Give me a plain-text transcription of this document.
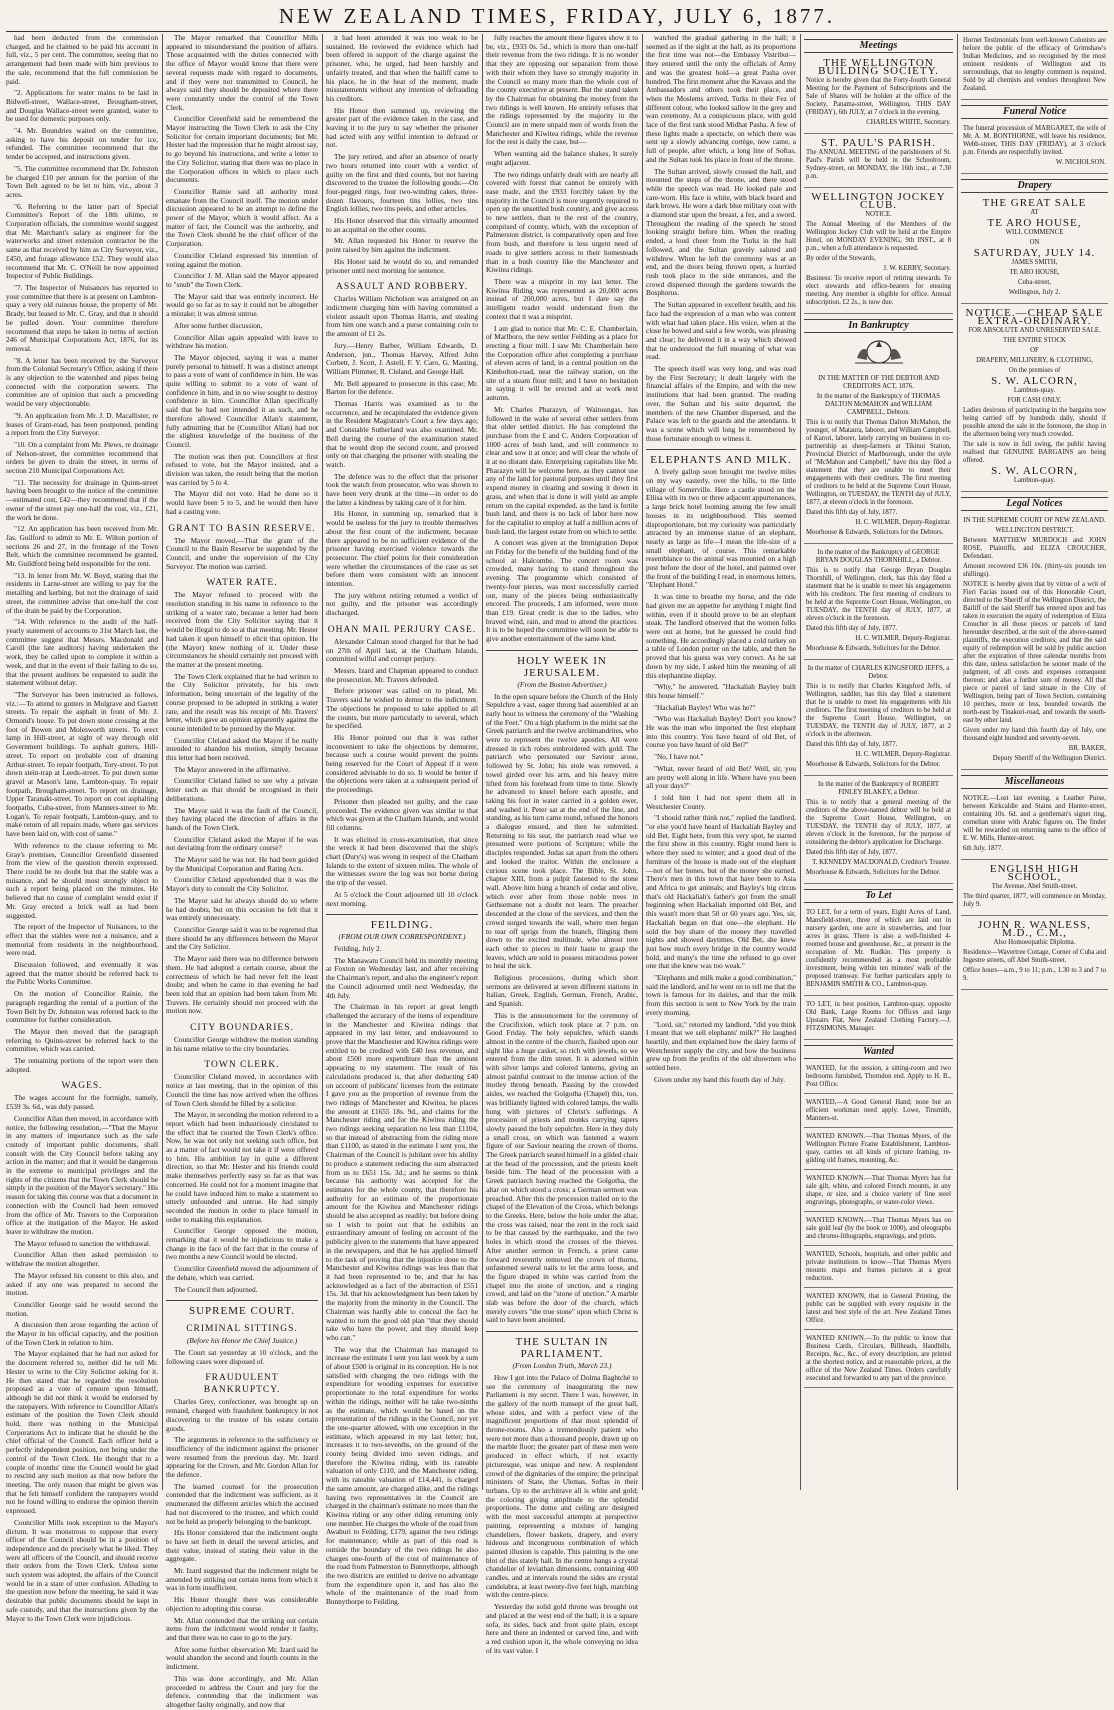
NEW ZEALAND TIMES, FRIDAY, JULY 6, 1877.

had been deducted from the commission charged, and he claimed to be paid his account in full, viz., 5 per cent. The committee, seeing that no arrangement had been made with him previous to the sale, recommend that the full commission be paid.

"2. Applications for water mains to be laid in Bidwell-street, Wallace-street, Brougham-street, and Douglas Wallace-street were granted, water to be used for domestic purposes only.

"4. Mr. Boundries waited on the committee, asking to have his deposit on tender for ice, refunded. The committee recommend that the tender be accepted, and instructions given.

"5. The committee recommend that Dr. Johnston be charged £10 per annum for the portion of the Town Belt agreed to be let to him, viz., about 3 acres.

"6. Referring to the latter part of Special Committee's Report of the 18th ultimo, re Corporation officials, the committee would suggest that Mr. Marchant's salary as engineer for the waterworks and street extension contractor be the same as that received by him as City Surveyor, viz., £450, and forage allowance £52. They would also recommend that Mr. C. O'Neill be now appointed Inspector of Public Buildings.

"7. The Inspector of Nuisances has reported to your committee that there is at present on Lambton-quay a very old ruinous house, the property of Mr. Brady, but leased to Mr. C. Gray, and that it should be pulled down. Your committee therefore recommend that steps be taken in terms of section 246 of Municipal Corporations Act, 1876, for its removal.

"8. A letter has been received by the Surveyor from the Colonial Secretary's Office, asking if there is any objection to the watershed and pipes being connected with the corporation sewers. The committee are of opinion that such a proceeding would be very objectionable.

"9. An application from Mr. J. D. Macallister, re leases of Grant-road, has been postponed, pending a report from the City Surveyor.

"10. On a complaint from Mr. Plews, re drainage of Nelson-street, the committee recommend that orders be given to drain the street, in terms of section 210 Municipal Corporations Act.

"11. The necessity for drainage in Quinn-street having been brought to the notice of the committee—estimated cost, £42—they recommend that if the owner of the street pay one-half the cost, viz., £21, the work be done.

"12. An application has been received from Mr. Jas. Guilford to admit to Mr. E. Wilton portion of sections 26 and 27, in the frontage of the Town Belt, which the committee recommend be granted, Mr. Guildford being held responsible for the rent.

"13. In letter from Mr. W. Boyd, stating that the residents in Larne-street are willing to pay for the metalling and kerbing, but not the drainage of said street, the committee advise that one-half the cost of the drain be paid by the Corporation.

"14. With reference to the audit of the half-yearly statement of accounts to 31st March last, the committee suggest that Messrs. Macdonald and Caroll (the late auditors) having undertaken the work, they be called upon to complete it within a week, and that in the event of their failing to do so, that the present auditors be requested to audit the statement without delay.

"The Surveyor has been instructed as follows, viz.:—To attend to gutters in Mulgrave and Garrett streets. To repair the asphalt in front of Mr. J. Ormond's house. To put down stone crossing at the foot of Bowen and Molesworth streets. To erect lamp in Hill-street, at sight of way through old Government buildings. To asphalt gutters, Hill-street. To report on probable cost of draining Arthur-street. To repair footpath, Tory-street. To put down stein-trap at Leeds-street. To put down some gravel at Mason's lane, Lambton-quay. To repair footpath, Brougham-street. To report on drainage, Upper Taranaki-street. To report on cost asphalting footpaths, Cuba-street, from Manners-street to Mr. Logan's. To repair footpath, Lambton-quay, and to make return of all repairs made, where gas services have been laid on, with cost of same."

With reference to the clause referring to Mr. Gray's premises, Councillor Greenfield dissented from the view of the question therein expressed. There could be no doubt but that the stable was a nuisance, and he should most strongly object to such a report being placed on the minutes. He believed that no cause of complaint would exist if Mr. Gray erected a brick wall as had been suggested.

The report of the Inspector of Nuisances, to the effect that the stables were not a nuisance, and a memorial from residents in the neighbourhood, were read.

Discussion followed, and eventually it was agreed that the matter should be referred back to the Public Works Committee.

On the motion of Councillor Rainie, the paragraph regarding the rental of a portion of the Town Belt by Dr. Johnston was referred back to the committee for further consideration.

The Mayor then moved that the paragraph referring to Quinn-street be referred back to the committee, which was carried.

The remaining portions of the report were then adopted.

WAGES.

The wages account for the fortnight, namely, £539 3s. 6d., was duly passed.

Councillor Allan then moved, in accordance with notice, the following resolution,—"That the Mayor in any matters of importance such as the safe custody of important public documents, shall consult with the City Council before taking any action in the matter; and that it would be dangerous in the extreme to municipal privileges and the rights of the citizens that the Town Clerk should be simply in the position of the Mayor's secretary." His reason for taking this course was that a document in connection with the Council had been removed from the office of Mr. Travers to the Corporation office at the instigation of the Mayor. He asked leave to withdraw the motion.

The Mayor refused to sanction the withdrawal.

Councillor Allan then asked permission to withdraw the motion altogether.

The Mayor refused his consent to this also, and asked if any one was prepared to second the motion.

Councillor George said he would second the motion.

A discussion then arose regarding the action of the Mayor in his official capacity, and the position of the Town Clerk in relation to him.

The Mayor explained that he had not asked for the document referred to, neither did he tell Mr. Hester to write to the City Solicitor asking for it. He then stated that he regarded the resolution proposed as a vote of censure upon himself, although he did not think it would be endorsed by the ratepayers. With reference to Councillor Allan's estimate of the position the Town Clerk should hold, there was nothing in the Municipal Corporations Act to indicate that he should be the chief official of the Council. Each officer held a perfectly independent position, not being under the control of the Town Clerk. He thought that in a couple of months' time the Council would be glad to rescind any such motion as that now before the meeting. The only reason that might be given was that he felt himself confident the ratepayers would not be found willing to endorse the opinion therein expressed.

Councillor Mills took exception to the Mayor's dictum. It was monstrous to suppose that every officer of the Council should be in a position of independence and do precisely what he liked. They were all officers of the Council, and should receive their orders from the Town Clerk. Unless some such system was adopted, the affairs of the Council would be in a state of utter confusion. Alluding to the question now before the meeting, he said it was desirable that public documents should be kept in safe custody, and that the instructions given by the Mayor to the Town Clerk were injudicious.

The Mayor remarked that Councillor Mills appeared to misunderstand the position of affairs. Those acquainted with the duties connected with the office of Mayor would know that there were several requests made with regard to documents, and if they were not transmitted to Council, he always said they should be deposited where there were constantly under the control of the Town Clerk.

Councillor Greenfield said he remembered the Mayor instructing the Town Clerk to ask the City Solicitor for certain important documents; but Mr. Hester had the impression that he might almost say, to go beyond his instructions, and write a letter to the City Solicitor, stating that there was no place in the Corporation offices in which to place such documents.

Councillor Rainie said all authority must emanate from the Council itself. The motion under discussion appeared to be an attempt to define the power of the Mayor, which it would affect. As a matter of fact, the Council was the authority, and the Town Clerk should be the chief officer of the Corporation.

Councillor Cleland expressed his intention of voting against the motion.

Councillor J. M. Allan said the Mayor appeared to "snub" the Town Clerk.

The Mayor said that was entirely incorrect. He would go so far as to say it could not be altogether a mistake; it was almost untrue.

After some further discussion,

Councillor Allan again appealed with leave to withdraw his motion.

The Mayor objected, saying it was a matter purely personal to himself. It was a distinct attempt to pass a vote of want of confidence in him. He was quite willing to submit to a vote of want of confidence in him, and in no wise sought to destroy confidence in him. Councillor Allan specifically said that he had not intended it as such, and he therefore allowed Councillor Allan's statement, fully admitting that he (Councillor Allan) had not the slightest knowledge of the business of the Council.

The motion was then put. Councillors at first refused to vote, but the Mayor insisted, and a division was taken, the result being that the motion was carried by 5 to 4.

The Mayor did not vote. Had he done so it would have been 5 to 5, and he would then have had a casting vote.

GRANT TO BASIN RESERVE.

The Mayor moved,—That the grant of the Council to the Basin Reserve be suspended by the Council, and under the supervision of the City Surveyor. The motion was carried.

WATER RATE.

The Mayor refused to proceed with the resolution standing in his name in reference to the striking of a water rate, because a letter had been received from the City Solicitor saying that it would be illegal to do so at that meeting. Mr. Hester had taken it upon himself to elicit that opinion. He (the Mayor) knew nothing of it. Under these circumstances he should certainly not proceed with the matter at the present meeting.

The Town Clerk explained that he had written to the City Solicitor privately, for his own information, being uncertain of the legality of the course proposed to be adopted in striking a water rate, and the result was his receipt of Mr. Travers' letter, which gave an opinion apparently against the course intended to be pursued by the Mayor.

Councillor Cleland asked the Mayor if he really intended to abandon his motion, simply because this letter had been received.

The Mayor answered in the affirmative.

Councillor Cleland failed to see why a private letter such as that should be recognised in their deliberations.

The Mayor said it was the fault of the Council, they having placed the direction of affairs in the hands of the Town Clerk.

Councillor Cleland asked the Mayor if he was not deviating from the ordinary course?

The Mayor said he was not. He had been guided by the Municipal Corporation and Rating Acts.

Councillor Cleland apprehended that it was the Mayor's duty to consult the City Solicitor.

The Mayor said he always should do so where he had doubts, but on this occasion he felt that it was entirely unnecessary.

Councillor George said it was to be regretted that there should be any differences between the Mayor and the City Solicitor.

The Mayor said there was no difference between them. He had adopted a certain course, about the correctness of which he had never felt the least doubt; and when he came in that evening he had been told that an opinion had been taken from Mr. Travers. He certainly should not proceed with the motion now.

CITY BOUNDARIES.

Councillor George withdrew the motion standing in his name relative to the city boundaries.

TOWN CLERK.

Councillor Cleland moved, in accordance with notice at last meeting, that in the opinion of this Council the time has now arrived when the offices of Town Clerk should be filled by a solicitor.

The Mayor, in seconding the motion referred to a report which had been industriously circulated to the effect that he courted the Town Clerk's office. Now, he was not only not seeking such office, but as a matter of fact would not take it if were offered to him. His ambition lay in quite a different direction, so that Mr. Hester and his friends could make themselves perfectly easy so far as that was concerned. He could not for a moment imagine that he could have induced him to make a statement so utterly unfounded and untrue. He had simply seconded the motion in order to place himself in order to making this explanation.

Councillor George opposed the motion, remarking that it would be injudicious to make a change in the face of the fact that in the course of two months a new Council would be elected.

Councillor Greenfield moved the adjournment of the debate, which was carried.

The Council then adjourned.

SUPREME COURT.
CRIMINAL SITTINGS.
(Before his Honor the Chief Justice.)

The Court sat yesterday at 10 o'clock, and the following cases were disposed of.

FRAUDULENT BANKRUPTCY.

Charles Grey, confectioner, was brought up on remand, charged with fraudulent bankruptcy in not discovering to the trustee of his estate certain goods.

The arguments in reference to the sufficiency or insufficiency of the indictment against the prisoner were resumed from the previous day. Mr. Izard appearing for the Crown, and Mr. Gordon Allan for the defence.

The learned counsel for the prosecution contended that the indictment was sufficient, as it enumerated the different articles which the accused had not discovered to the trustee, and which could not be held as properly belonging to the bankrupt.

His Honor considered that the indictment ought to have set forth in detail the several articles, and their value, instead of stating their value in the aggregate.

Mr. Izard suggested that the indictment might be amended by striking out certain items from which it was in form insufficient.

His Honor thought there was considerable objection to adopting this course.

Mr. Allan contended that the striking out certain items from the indictment would render it faulty, and that there was no case to go to the jury.

After some further observation Mr. Izard said he would abandon the second and fourth counts in the indictment.

This was done accordingly, and Mr. Allan proceeded to address the Court and jury for the defence, contending that the indictment was altogether faulty originally, and now that

it had been amended it was too weak to be sustained. He reviewed the evidence which had been offered in support of the charge against the prisoner, who, he urged, had been harshly and unfairly treated, and that when the bailiff came to his place, he in the heat of the moment, made misstatements without any intention of defrauding his creditors.

His Honor then summed up, reviewing the greater part of the evidence taken in the case, and leaving it to the jury to say whether the prisoner had acted with any wilful intention to defraud or not.

The jury retired, and after an absence of nearly two hours returned into court with a verdict of guilty on the first and third counts, but not having discovered to the trustee the following goods:—On four-pegged rings, four two-winding cakes, three-dozen flavours, fourteen tins lollies, two tins English lollies, two tins peels, and other articles.

His Honor observed that this virtually amounted to an acquittal on the other counts.

Mr. Allan requested his Honor to reserve the point raised by him against the indictment.

His Honor said he would do so, and remanded prisoner until next morning for sentence.

ASSAULT AND ROBBERY.

Charles William Nicholson was arraigned on an indictment charging him with having committed a violent assault upon Thomas Harris, and stealing from him one watch and a purse containing coin to the amount of £1 2s.

Jury.—Henry Barber, William Edwards, D. Anderson, jun., Thomas Harvey, Alfred John Corbett, J. Scott, J. Astell, F. Y. Caro, G. Masting, William Plimmer, R. Cleland, and George Hall.

Mr. Bell appeared to prosecute in this case; Mr. Barton for the defence.

Thomas Harris was examined as to the occurrence, and he recapitulated the evidence given in the Resident Magistrate's Court a few days ago; and Constable Sutherland was also examined. Mr. Bell during the course of the examination stated that he would drop the second count, and proceed only on that charging the prisoner with stealing the watch.

The defence was to the effect that the prisoner took the watch from prosecutor, who was shown to have been very drunk at the time—in order to do the latter a kindness by taking care of it for him.

His Honor, in summing up, remarked that it would be useless for the jury to trouble themselves about the first count of the indictment, because there appeared to be no sufficient evidence of the prisoner having exercised violence towards the prosecutor. The chief points for their consideration were whether the circumstances of the case as set before them were consistent with an innocent intention.

The jury without retiring returned a verdict of not guilty, and the prisoner was accordingly discharged.

OHAN MAIL PERJURY CASE.

Alexander Calman stood charged for that he had on 27th of April last, at the Chatham Islands, committed wilful and corrupt perjury.

Messrs. Izard and Chapman appeared to conduct the prosecution. Mr. Travers defended.

Before prisoner was called on to plead, Mr. Travers said he wished to demur to the indictment. The objections he proposed to take applied to all the counts, but more particularly to several, which he specified.

His Honor pointed out that it was rather inconvenient to take the objections by demurrer, because such a course would prevent the points being reserved for the Court of Appeal if it were considered advisable to do so. It would be better if the objections were taken at a subsequent period of the proceedings.

Prisoner then pleaded not guilty, and the case proceeded. The evidence given was similar to that which was given at the Chatham Islands, and would fill columns.

It was elicited in cross-examination, that since the wreck it had been discovered that the ship's chart (Dury's) was wrong in respect of the Chatham Islands to the extent of sixteen miles. The whole of the witnesses swore the log was not borne during the trip of the vessel.

At 5 o'clock the Court adjourned till 10 o'clock next morning.

FEILDING.
(FROM OUR OWN CORRESPONDENT.)

Feilding, July 2.

The Manawatu Council held its monthly meeting at Foxton on Wednesday last, and after receiving the Chairman's report, and also the engineer's report the Council adjourned until next Wednesday, the 4th July.

The Chairman in his report at great length challenged the accuracy of the items of expenditure in the Manchester and Kiwitea ridings that appeared in my last letter, and endeavoured to prove that the Manchester and Kiwitea ridings were entitled to be credited with £40 less revenue, and about £500 more expenditure than the amount appearing to my statement. The result of his calculations produced is, that after deducting £40 on account of publicans' licenses from the estimate I gave you as the proportion of revenue from the two ridings of Manchester and Kiwitea, he places the amount at £1655 18s. 9d., and claims for the Manchester riding and for the Kiwitea riding the two ridings seeking separation no less than £1104, so that instead of abstracting from the riding more than £1100, as stated in the estimate I sent you, the Chairman of the Council is jubilant over his ability to produce a statement reducing the sum abstracted from us to £651 15s. 3d.; and he seems to think because his authority was accepted for the estimates for the whole county, that therefore his authority for an estimate of the proportionate amount for the Kiwitea and Manchester ridings should be also accepted as readily; but before doing so I wish to point out that he exhibits an extraordinary amount of feeling on account of the publicity given to the statements that have appeared in the newspapers, and that he has applied himself to the task of proving that the injustice done to the Manchester and Kiwitea ridings was less than that it had been represented to be, and that he has acknowledged as a fact of the abstraction of £551 15s. 3d. that his acknowledgment has been taken by the majority from the minority in the Council. The Chairman was hardly able to conceal the fact he wanted to turn the good old plan "that they should take who have the power, and they should keep who can."

The way that the Chairman has managed to increase the estimate I sent you last week by a sum of about £500 is original in its conception. He is not satisfied with charging the two ridings with the expenditure for wooding expenses for executive proportionate to the total expenditure for works within the ridings, neither will he take two-ninths as the estimate, which would be based on the representation of the ridings in the Council, nor yet the one-quarter allowed, with one exception in the estimate, which appeared in my last letter; but, increases it to two-sevenths, on the ground of the county being divided into seven ridings, and therefore the Kiwitea riding, with its rateable valuation of only £110, and the Manchester riding, with its rateable valuation of £14,441, is charged the same amount, are charged alike, and the ridings having two representatives in the Council are charged in the chairman's estimate no more than the Kiwitea riding or any other riding returning only one member. He charges the whole of the road from Awahuri to Feilding, £179, against the two ridings for maintenance; while as part of this road is outside the boundary of the two ridings he also charges one-fourth of the cost of maintenance of the road from Palmerston to Bunnythorpe, although the two districts are entitled to derive no advantage from the expenditure upon it, and has also the whole of the maintenance of the road from Bunnythorpe to Feilding.

fully reaches the amount these figures show it to be, viz., £933 0s. 5d., which is more than one-half their revenue from the two ridings. It is no wonder that they are opposing our separation from those with their whom they have so strongly majority in the Council so many more than the whole cost of the county executive at present. But the stand taken by the Chairman for obtaining the money from the two ridings is well known. He entirely refuses that the ridings represented by the majority in the Council are in mere unpaid men of words from the Manchester and Kiwitea ridings, while the revenue for the rest is daily the case, but—

When wanting aid the balance shakes, It surely ought adjacent.

The two ridings unfairly dealt with are nearly all covered with forest that cannot be entirely with ease made, and the £933 forcibly taken by the majority in the Council is more urgently required to open up the unsettled bush country, and give access to new settlers, than to the rest of the country, comprised of county, which, with the exception of Palmerston district, is comparatively open and free from bush, and therefore is less urgent need of roads to give settlers access to their homesteads than in a bush country like the Manchester and Kiwitea ridings.

There was a misprint in my last letter. The Kiwitea Riding was represented as 20,000 acres instead of 200,000 acres, but I dare say the intelligent reader would understand from the context that it was a misprint.

I am glad to notice that Mr. C. E. Chamberlain, of Marlboro, the new settler Feilding as a place for erecting a flour mill. I saw Mr. Chamberlain here the Corporation office after completing a purchase of eleven acres of land, in a central position on the Kimbolton-road, near the railway station, on the site of a steam flour mill; and I have no hesitation in saying it will be erected and at work next autumn.

Mr. Charles Pharazyn, of Waitoungas, has followed in the wake of several other settlers from that older settled district. He has completed the purchase from the £ and C. Anders Corporation of 1000 acres of bush land, and will commence to clear and sow it at once; and will clear the whole of it at no distant date. Enterprising capitalists like Mr. Pharazyn will be welcome here, as they cannot use any of the land for pastoral purposes until they first expend money in clearing and sowing it down in grass, and when that is done it will yield an ample return on the capital expended, as the land is fertile bush land, and there is no lack of labor here now for the capitalist to employ at half a million acres of bush land, the largest estate from on which to settle.

A concert was given at the Immigration Depot on Friday for the benefit of the building fund of the school at Halcombe. The concert room was crowded, many having to stand throughout the evening. The programme which consisted of twenty-four pieces, was most successfully carried out, many of the pieces being enthusiastically encored. The proceeds, I am informed, were more than £19. Great credit is due to the ladies, who braved wind, rain, and mud to attend the practices. It is to be hoped the committee will soon be able to give another entertainment of the same kind.

HOLY WEEK IN JERUSALEM.
(From the Boston Advertiser.)

In the open square before the Church of the Holy Sepulchre a vast, eager throng had assembled at an early hour to witness the ceremony of the "Washing of the Feet." On a high platform in the midst sat the Greek patriarch and the twelve archimandrites, who were to represent the twelve apostles. All were dressed in rich robes embroidered with gold. The patriarch who personated our Saviour arose, followed by St. John; his stole was removed, a towel girded over his arm, and his heavy mitre lifted from his forehead from time to time. Slowly he advanced to kneel before each apostle, and taking his foot in water carried in a golden ewer, and washed it. Peter sat at the end of the line, and standing, as his turn came round, refused the honors a dialogue ensued, and then he submitted. Returning to his seat, the patriarch read what we presumed were portions of Scripture; while the disciples responded. Judas sat apart from the others and looked the traitor. Within the enclosure a curious scene took place. The Bible, St. John, chapter XIII, from a pulpit fastened to the stone wall. Above him hung a branch of cedar and olive, which ever after from those noble trees in Gethsemane not a doubt not learn. The preacher descended at the close of the services, and then the crowd surged towards the wall, where men began to tear off sprigs from the branch, flinging them down to the excited multitude, who almost tore each other to pieces in their haste to grasp the leaves, which are sold to possess miraculous power to heal the sick.

Religious processions, during which short sermons are delivered at seven different stations in Italian, Greek, English, German, French, Arabic, and Spanish.

This is the announcement for the ceremony of the Crucifixion, which took place at 7 p.m. on Good Friday. The holy sepulchre, which stands almost in the centre of the church, flashed upon our sight like a huge casket, so rich with jewels, so we entered from the dim street. It is adorned within with silver lamps and colored lanterns, giving an almost painful contrast to the intense action of the motley throng beneath. Passing by the crowded aisles, we reached the Golgotha (Chapel) this, too, was brilliantly lighted with colored lamps, the walls hung with pictures of Christ's sufferings. A procession of priests and monks carrying tapers slowly passed the holy sepulchre. Here in they duly a small cross, on which was fastened a waxen figure of our Saviour nearing the crown of thorns. The Greek patriarch seated himself in a gilded chair at the head of the procession, and the priests knelt beside him. The head of the procession with a Greek patriarch having reached the Golgotha, the altar on which stood a cross; a German sermon was preached. After this the procession trailed on to the chapel of the Elevation of the Cross, which belongs to the Greeks. Here, below the hole under the altar, the cross was raised, near the rent in the rock said to be that caused by the earthquake, and the two holes in which stood the crosses of the thieves. After another sermon in French, a priest came forward reverently removed the crown of thorns, unfastened several nails to let the arms loose, and the figure draped in white was carried from the chapel into the stone of unction, and a ringing crowd, and laid on the "stone of unction." A marble slab was before the door of the church, which merely covers "the true stone" upon which Christ is said to have been anointed.

THE SULTAN IN PARLIAMENT.
(From London Truth, March 23.)

How I got into the Palace of Dolma Baghtché to see the ceremony of inaugurating the new Parliament is my secret. There I was, however, in the gallery of the north transept of the great hall, whose sides, and with a perfect view of the magnificent proportions of that most splendid of throne-rooms. Also a tremendously patient who were not more than a thousand people, drawn up on the marble floor; the greater part of these men were produced in effect which, if not exactly picturesque, was unique and new. A resplendent crowd of the dignitaries of the empire; the principal ministers of State, the Ulemas, Softas in their turbans. Up to the architrave all is white and gold; the coloring giving amplitude to the splendid proportions. The dome and ceiling are designed with the most successful attempts at perspective painting, representing a mixture of hanging chandeliers, flower baskets, drapery, and every hideous and incongruous combination of which painted illusion is capable. This painting is the one blot of this stately hall. In the centre hangs a crystal chandelier of leviathan dimensions, containing 400 candles, and at intervals round the sides are crystal candelabra, at least twenty-five feet high, matching with the centre-piece.

Yesterday the solid gold throne was brought out and placed at the west end of the hall; it is a square sofa, its sides, back and front quite plain, except here and there an indented or carved line, and with a red cushion upon it, the whole conveying no idea of its vast value. I

watched the gradual gathering in the hall; it seemed as if the sight at the hall, as its proportions the first time was not—the Embassy Vistribut—they entered until the only the officials of Army and was the greatest hold—a great Pasha over hundred. The first moment after the Kavass and the Ambassadors and others took their place, and when the Moslems arrived, Turks in their Fez of different colour, who looked sallow in the grey and wan ceremony. At a conspicuous place, with gold lace of the first rank stood Midhat Pasha. A few of these lights made a spectacle, on which there was sent up a slowly advancing cortège, now came, a full of people, after which, a long line of Softas, and the Sultan took his place in front of the throne.

The Sultan arrived, slowly crossed the hall, and mounted the steps of the throne, and there stood while the speech was read. He looked pale and care-worn. His face is white, with black beard and dark brows. He wore a dark blue military coat with a diamond star upon the breast, a fez, and a sword. Throughout the reading of the speech he stood looking straight before him. When the reading ended, a loud cheer from the Turks in the hall followed, and the Sultan gravely saluted and withdrew. When he left the ceremony was at an end, and the doors being thrown open, a hurried rush took place to the side entrances, and the crowd dispersed through the gardens towards the Bosphorus.

The Sultan appeared in excellent health, and his face had the expression of a man who was content with what had taken place. His voice, when at the close he bowed and said a few words, was pleasing and clear; he delivered it in a way which showed that he understood the full meaning of what was read.

The speech itself was very long, and was read by the First Secretary; it dealt largely with the financial affairs of the Empire, and with the new institutions that had been granted. The reading over, the Sultan and his suite departed, the members of the new Chamber dispersed, and the Palace was left to the guards and the attendants. It was a scene which will long be remembered by those fortunate enough to witness it.

ELEPHANTS AND MILK.

A lively gallop soon brought me twelve miles on my way easterly, over the hills, to the little village of Somerville. Here a castle stood on the Ellisa with its two or three adjacent appurtenances, a large brick hotel looming among the few small houses in its neighbourhood. This seemed disproportionate, but my curiosity was particularly attracted by an immense statue of an elephant, nearly as large as life—I mean the life-size of a small elephant, of course. This remarkable resemblance to the animal was mounted on a high post before the door of the hotel, and painted over the front of the building I read, in enormous letters, "Elephant Hotel."

It was time to breathe my horse, and the ride had given me an appetite for anything I might find within, even if it should prove to be an elephant steak. The landlord observed that the women folks were out at home, but he guessed he could find something. He accordingly placed a cold turkey on a table of London porter on the table, and then he proved that his guess was very correct. As he sat down by my side, I asked him the meaning of all this elephantine display.

"Why," he answered, "Hackaliah Bayley built this house himself."

"Hackaliah Bayley! Who was he?"

"Who was Hackaliah Bayley! Don't you know? He was the man who imported the first elephant into this country. You have heard of old Bet, of course you have heard of old Bet?"

"No, I have not."

"What, never heard of old Bet? Well, sir, you are pretty well along in life. Where have you been all your days?"

I told him I had not spent them all in Westchester County.

"I should rather think not," replied the landlord, "or else you'd have heard of Hackaliah Bayley and old Bet. Eight here, from this very spot, he started the first show in this country. Right round here is where they used to winter; and a good deal of the furniture of the house is made out of the elephant—not of her bones, but of the money she earned. There's men in this town that have been to Asia and Africa to get animals; and Bayley's big circus that's old Hackaliah's father's got from the small beginning when Hackaliah imported old Bet, and this wasn't more than 50 or 60 years ago. Yes, sir, Hackaliah began on that one—the elephant. He sold the buy share of the money they travelled nights and showed daytimes. Old Bet, she knew just how much every bridge in the country would hold, and many's the time she refused to go over one that she knew was too weak."

"Elephants and milk make a good combination," said the landlord, and he went on to tell me that the town is famous for its dairies, and that the milk from this section is sent to New York by the train every morning.

"Lord, sir," retorted my landlord, "did you think I meant that we sell elephants' milk?" He laughed heartily, and then explained how the dairy farms of Westchester supply the city, and how the business grew up from the profits of the old showmen who settled here.

Given under my hand this fourth day of July.

Meetings

THE WELLINGTON BUILDING SOCIETY.

Notice is hereby given that the Forty-fourth General Meeting for the Payment of Subscriptions and the Sale of Shares will be holden at the office of the Society, Panama-street, Wellington, THIS DAY (FRIDAY), 6th JULY, at 7 o'clock in the evening.

CHARLES WHITE, Secretary.

ST. PAUL'S PARISH.

The ANNUAL MEETING of the parishioners of St. Paul's Parish will be held in the Schoolroom, Sydney-street, on MONDAY, the 16th inst., at 7.30 p.m.

WELLINGTON JOCKEY CLUB.

NOTICE.

The Annual Meeting of the Members of the Wellington Jockey Club will be held at the Empire Hotel, on MONDAY EVENING, 9th INST., at 8 p.m., when a full attendance is requested.

By order of the Stewards,

J. W. KERBY, Secretary.

Business: To receive report of retiring stewards. To elect stewards and office-bearers for ensuing meeting. Any member is eligible for office. Annual subscription, £2 2s., is now due.

In Bankruptcy

IN THE MATTER OF THE DEBTOR AND CREDITORS ACT, 1876.

In the matter of the Bankruptcy of THOMAS DALTON McMAHON and WILLIAM CAMPBELL, Debtors.

This is to notify that Thomas Dalton McMahon, the younger, of Mataura, laborer, and William Campbell, of Karori, laborer, lately carrying on business in co-partnership as sheep-farmers at Tikinui Station, Provincial District of Marlborough, under the style of "McMahon and Campbell," have this day filed a statement that they are unable to meet their engagements with their creditors. The first meeting of creditors to be held at the Supreme Court House, Wellington, on TUESDAY, the TENTH day of JULY, 1877, at eleven o'clock in the forenoon.

Dated this fifth day of July, 1877.

H. C. WILMER, Deputy-Registrar.

Moorhouse & Edwards, Solicitors for the Debtors.

In the matter of the Bankruptcy of GEORGE BRYAN DOUGLAS THORNHILL, a Debtor.

This is to notify that George Bryan Douglas Thornhill, of Wellington, clerk, has this day filed a statement that he is unable to meet his engagements with his creditors. The first meeting of creditors to be held at the Supreme Court House, Wellington, on TUESDAY, the TENTH day of JULY, 1877, at eleven o'clock in the forenoon.

Dated this fifth day of July, 1877.

H. C. WILMER, Deputy-Registrar.

Moorhouse & Edwards, Solicitors for the Debtor.

In the matter of CHARLES KINGSFORD JEFFS, a Debtor.

This is to notify that Charles Kingsford Jeffs, of Wellington, saddler, has this day filed a statement that he is unable to meet his engagements with his creditors. The first meeting of creditors to be held at the Supreme Court House, Wellington, on TUESDAY, the TENTH day of JULY, 1877, at 2 o'clock in the afternoon.

Dated this fifth day of July, 1877.

H. C. WILMER, Deputy-Registrar.

Moorhouse & Edwards, Solicitors for the Debtor.

In the matter of the Bankruptcy of ROBERT FINLEY BLAKEY, a Debtor.

This is to notify that a general meeting of the creditors of the above-named debtor will be held at the Supreme Court House, Wellington, on TUESDAY, the TENTH day of JULY, 1877, at eleven o'clock in the forenoon, for the purpose of considering the debtor's application for Discharge.

Dated this fifth day of July, 1877.

T. KENNEDY MACDONALD, Creditor's Trustee.

Moorhouse & Edwards, Solicitors for the Debtor.

To Let

TO LET, for a term of years, Eight Acres of Land, Mansfield-street, three of which are laid out in nursery garden, one acre in strawberries, and four acres in grass. There is also a well-finished 4-roomed house and greenhouse, &c., at present in the occupation of Mr. Rudkin. This property is confidently recommended as a most profitable investment, being within ten minutes' walk of the proposed tramway. For further particulars apply to BENJAMIN SMITH & CO., Lambton-quay.

TO LET, in best position, Lambton-quay, opposite Old Bank, Large Rooms for Offices and large Upstairs Flat, New Zealand Clothing Factory.—J. FITZSIMONS, Manager.

Wanted
WANTED, for the session, a sitting-room and two bedrooms furnished, Thorndon end. Apply to H. B., Post Office.
WANTED,—A Good General Hand; none but an efficient workman need apply. Lowe, Tinsmith, Manners-st.
WANTED KNOWN.—That Thomas Myers, of the Wellington Picture Frame Establishment, Lambton-quay, carries on all kinds of picture framing, re-gilding old frames, mounting, &c.
WANTED KNOWN.—That Thomas Myers has for sale gilt, white, and colored French mounts, in any shape, or size, and a choice variety of fine steel engravings, photographs, or water-color views.
WANTED KNOWN.—That Thomas Myers has on sale gold leaf (by the book or 1000), and oleographs and chromo-lithographs, engravings, and prints.
WANTED, Schools, hospitals, and other public and private institutions to know—That Thomas Myers mounts maps and frames pictures at a great reduction.
WANTED KNOWN, that in General Printing, the public can be supplied with every requisite in the latest and best style of the art. New Zealand Times Office.
WANTED KNOWN.—To the public to know that Business Cards, Circulars, Billheads, Handbills, Receipts, &c., &c., of every description, are printed at the shortest notice, and at reasonable prices, at the office of the New Zealand Times. Orders carefully executed and forwarded to any part of the province.

Hornet Testimonials from well-known Colonists are before the public of the efficacy of Grimshaw's Indian Medicines, and so recognised by the most eminent residents of Wellington and its surroundings, that no lengthy comment is required. Sold by all chemists and vendors throughout New Zealand.

Funeral Notice

The funeral procession of MARGARET, the wife of Mr. A. M. BONTHORNE, will leave his residence, Webb-street, THIS DAY (FRIDAY), at 3 o'clock p.m. Friends are respectfully invited.

W. NICHOLSON.

Drapery

THE GREAT SALE

AT

TE ARO HOUSE,

WILL COMMENCE

ON

SATURDAY, JULY 14.

JAMES SMITH,

TE ARO HOUSE,

Cuba-street,

Wellington, July 2.

NOTICE.—CHEAP SALE EXTRA-ORDINARY.

FOR ABSOLUTE AND UNRESERVED SALE.

THE ENTIRE STOCK

OF

DRAPERY, MILLINERY, & CLOTHING,

On the premises of

S. W. ALCORN,

Lambton-quay.

FOR CASH ONLY.

Ladies desirous of participating in the bargains now being carried off by hundreds daily, should if possible attend the sale in the forenoon, the shop in the afternoon being very much crowded.

The sale is now in full swing, the public having realised that GENUINE BARGAINS are being offered.

S. W. ALCORN,

Lambton-quay.

Legal Notices

IN THE SUPREME COURT OF NEW ZEALAND.

WELLINGTON DISTRICT.

Between MATTHEW MURDOCH and JOHN ROSE, Plaintiffs, and ELIZA CROUCHER, Defendant.

Amount recovered £36 10s. (thirty-six pounds ten shillings).

NOTICE is hereby given that by virtue of a writ of Fieri Facias issued out of this Honorable Court, directed to the Sheriff of the Wellington District, the Bailiff of the said Sheriff has entered upon and has taken in execution the equity of redemption of Eliza Croucher in all those pieces or parcels of land hereunder described, at the suit of the above-named plaintiffs, the execution creditors; and that the said equity of redemption will be sold by public auction after the expiration of three calendar months from this date, unless satisfaction be sooner made of the judgment, of all costs and expenses consequent thereon; and also a further sum of money. All that piece or parcel of land situate in the City of Wellington, being part of Town Section, containing 10 perches, more or less, bounded towards the north-east by Tinakori-road, and towards the south-east by other land.

Given under my hand this fourth day of July, one thousand eight hundred and seventy-seven.

BR. BAKER,

Deputy Sheriff of the Wellington District.

Miscellaneous

NOTICE.—Lost last evening, a Leather Purse, between Kirkcaldie and Stains and Hunter-street, containing 10s. 6d. and a gentleman's signet ring, cornelian stone with Arabic figures on. The finder will be rewarded on returning same to the office of E. W. Mills, Hunter-street.

6th July, 1877.

ENGLISH HIGH SCHOOL,

The Avenue, Abel Smith-street.

The third quarter, 1877, will commence on Monday, July 9.

JOHN R. WANLESS, M.D., C.M.,

Also Homoeopathic Diploma.

Residence—Wavertree Cottage, Corner of Cuba and Ingestre streets, off Abel Smith-street.

Office hours—a.m., 9 to 11; p.m., 1.30 to 3 and 7 to 9.
